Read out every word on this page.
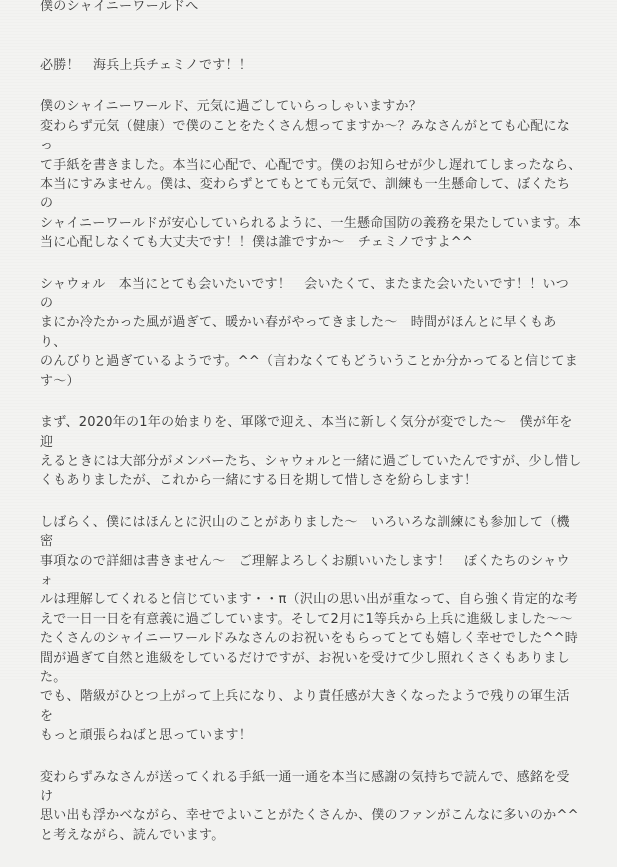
僕のシャイニーワールドへ

必勝！　海兵上兵チェミノです！！

僕のシャイニーワールド、元気に過ごしていらっしゃいますか？
変わらず元気（健康）で僕のことをたくさん想ってますか〜？みなさんがとても心配になっ
て手紙を書きました。本当に心配で、心配です。僕のお知らせが少し遅れてしまったなら、
本当にすみません。僕は、変わらずとてもとても元気で、訓練も一生懸命して、ぼくたちの
シャイニーワールドが安心していられるように、一生懸命国防の義務を果たしています。本
当に心配しなくても大丈夫です！！僕は誰ですか〜　チェミノですよ^^

シャウォル　本当にとても会いたいです！　会いたくて、またまた会いたいです！！いつの
まにか冷たかった風が過ぎて、暖かい春がやってきました〜　時間がほんとに早くもあり、
のんびりと過ぎているようです。^^（言わなくてもどういうことか分かってると信じてま
す〜）

まず、2020年の1年の始まりを、軍隊で迎え、本当に新しく気分が変でした〜　僕が年を迎
えるときには大部分がメンバーたち、シャウォルと一緒に過ごしていたんですが、少し惜し
くもありましたが、これから一緒にする日を期して惜しさを紛らします！

しばらく、僕にはほんとに沢山のことがありました〜　いろいろな訓練にも参加して（機密
事項なので詳細は書きません〜　ご理解よろしくお願いいたします！　ぼくたちのシャウォ
ルは理解してくれると信じています・・π（沢山の思い出が重なって、自ら強く肯定的な考
えで一日一日を有意義に過ごしています。そして2月に1等兵から上兵に進級しました〜〜
たくさんのシャイニーワールドみなさんのお祝いをもらってとても嬉しく幸せでした^^時
間が過ぎて自然と進級をしているだけですが、お祝いを受けて少し照れくさくもありまし
た。
でも、階級がひとつ上がって上兵になり、より責任感が大きくなったようで残りの軍生活を
もっと頑張らねばと思っています！

変わらずみなさんが送ってくれる手紙一通一通を本当に感謝の気持ちで読んで、感銘を受け
思い出も浮かべながら、幸せでよいことがたくさんか、僕のファンがこんなに多いのか^^
と考えながら、読んでいます。
